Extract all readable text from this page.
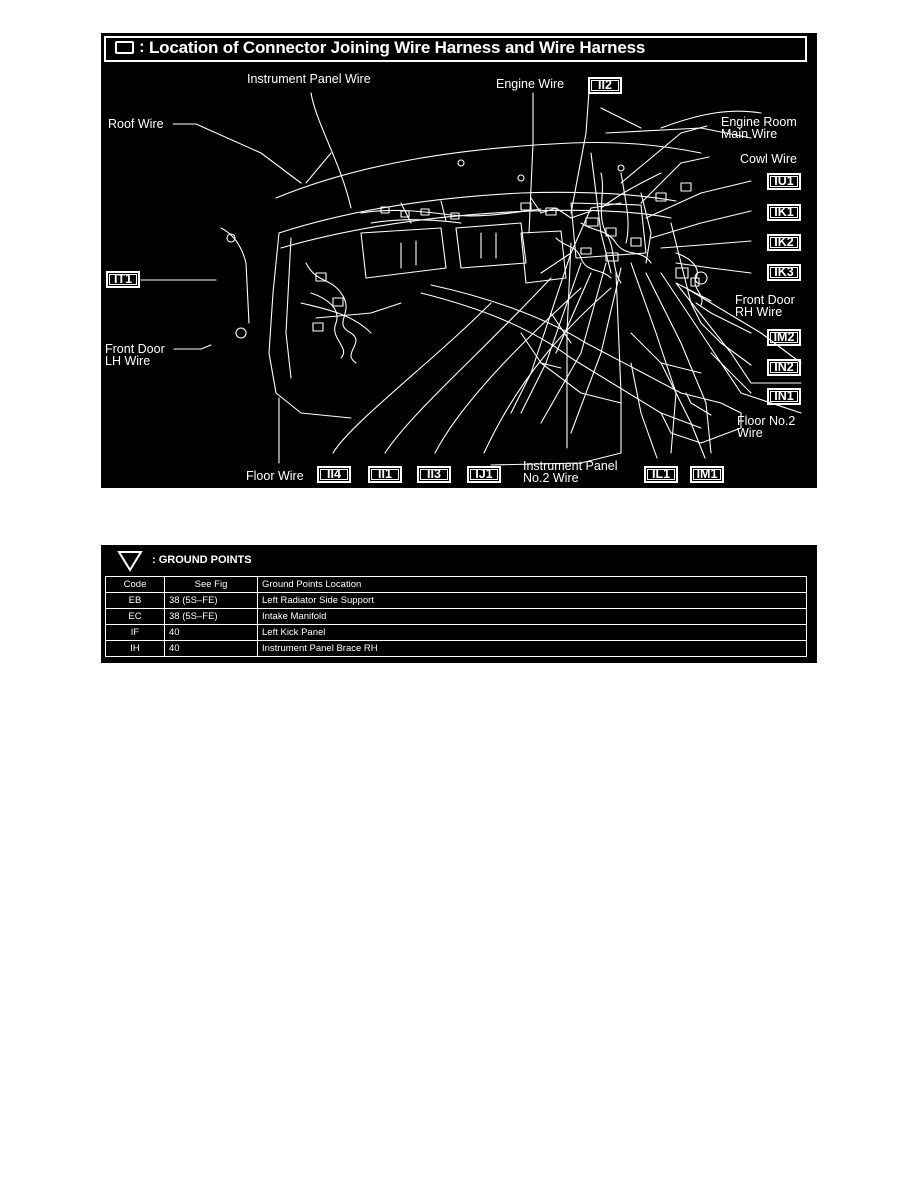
: Location of Connector Joining Wire Harness and Wire Harness
Instrument Panel Wire
Roof Wire
Engine Wire
Engine Room
Main Wire
Cowl Wire
Front Door
RH Wire
Front Door
LH Wire
Floor No.2
Wire
Floor Wire
Instrument Panel
No.2 Wire
II2
IU1
IK1
IK2
IK3
IT1
IM2
IN2
IN1
II4	II1	II3	IJ1	IL1	IM1
: GROUND POINTS
Code	See Fig	Ground Points Location
EB	38 (5S–FE)	Left Radiator Side Support
EC	38 (5S–FE)	Intake Manifold
IF	40	Left Kick Panel
IH	40	Instrument Panel Brace RH
